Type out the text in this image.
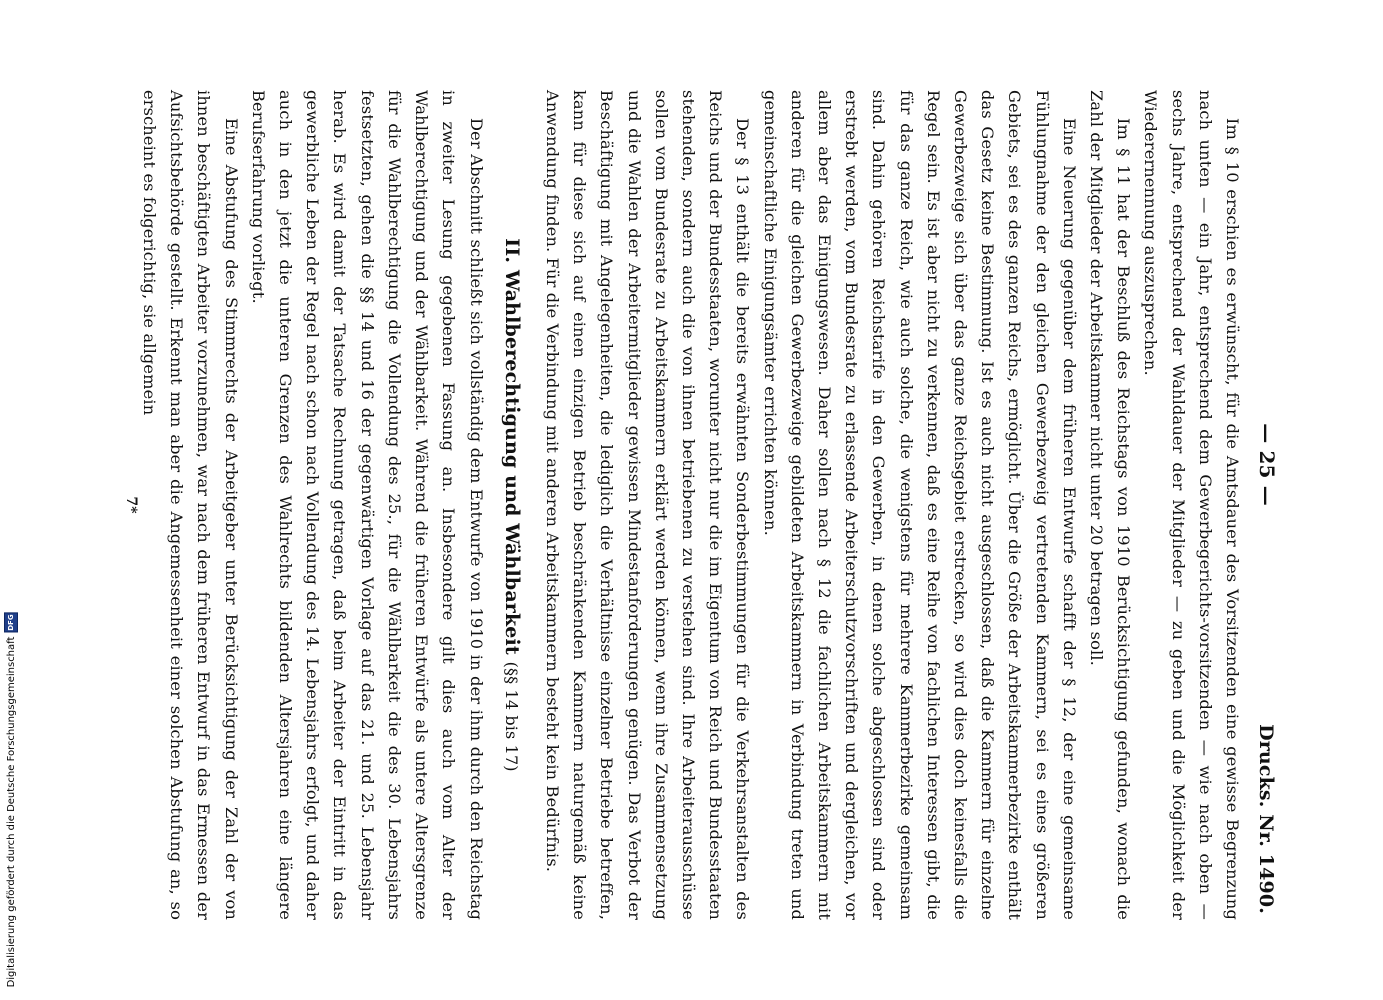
Digitalisierung gefördert durch die Deutsche Forschungsgemeinschaft
DFG
— 25 —
Drucks. Nr. 1490.

Im § 10 erschien es erwünscht, für die Amtsdauer des Vorsitzenden eine gewisse Begrenzung nach unten — ein Jahr, entsprechend dem Gewerbegerichts-vorsitzenden — wie nach oben — sechs Jahre, entsprechend der Wahldauer der Mitglieder — zu geben und die Möglichkeit der Wiederernennung auszusprechen.

Im § 11 hat der Beschluß des Reichstags von 1910 Berücksichtigung gefunden, wonach die Zahl der Mitglieder der Arbeitskammer nicht unter 20 betragen soll.

Eine Neuerung gegenüber dem früheren Entwurfe schafft der § 12, der eine gemeinsame Fühlungnahme der den gleichen Gewerbezweig vertretenden Kammern, sei es eines größeren Gebiets, sei es des ganzen Reichs, ermöglicht. Über die Größe der Arbeitskammerbezirke enthält das Gesetz keine Bestimmung. Ist es auch nicht ausgeschlossen, daß die Kammern für einzelne Gewerbezweige sich über das ganze Reichsgebiet erstrecken, so wird dies doch keinesfalls die Regel sein. Es ist aber nicht zu verkennen, daß es eine Reihe von fachlichen Interessen gibt, die für das ganze Reich, wie auch solche, die wenigstens für mehrere Kammerbezirke gemeinsam sind. Dahin gehören Reichstarife in den Gewerben, in denen solche abgeschlossen sind oder erstrebt werden, vom Bundesrate zu erlassende Arbeiterschutzvorschriften und dergleichen, vor allem aber das Einigungswesen. Daher sollen nach § 12 die fachlichen Arbeitskammern mit anderen für die gleichen Gewerbezweige gebildeten Arbeitskammern in Verbindung treten und gemeinschaftliche Einigungsämter errichten können.

Der § 13 enthält die bereits erwähnten Sonderbestimmungen für die Verkehrsanstalten des Reichs und der Bundesstaaten, worunter nicht nur die im Eigentum von Reich und Bundesstaaten stehenden, sondern auch die von ihnen betriebenen zu verstehen sind. Ihre Arbeiterausschüsse sollen vom Bundesrate zu Arbeitskammern erklärt werden können, wenn ihre Zusammensetzung und die Wahlen der Arbeitermitglieder gewissen Mindestanforderungen genügen. Das Verbot der Beschäftigung mit Angelegenheiten, die lediglich die Verhältnisse einzelner Betriebe betreffen, kann für diese sich auf einen einzigen Betrieb beschränkenden Kammern naturgemäß keine Anwendung finden. Für die Verbindung mit anderen Arbeitskammern besteht kein Bedürfnis.

II. Wahlberechtigung und Wählbarkeit (§§ 14 bis 17)

Der Abschnitt schließt sich vollständig dem Entwurfe von 1910 in der ihm durch den Reichstag in zweiter Lesung gegebenen Fassung an. Insbesondere gilt dies auch vom Alter der Wahlberechtigung und der Wählbarkeit. Während die früheren Entwürfe als untere Altersgrenze für die Wahlberechtigung die Vollendung des 25., für die Wählbarkeit die des 30. Lebensjahrs festsetzten, gehen die §§ 14 und 16 der gegenwärtigen Vorlage auf das 21. und 25. Lebensjahr herab. Es wird damit der Tatsache Rechnung getragen, daß beim Arbeiter der Eintritt in das gewerbliche Leben der Regel nach schon nach Vollendung des 14. Lebensjahrs erfolgt, und daher auch in den jetzt die unteren Grenzen des Wahlrechts bildenden Altersjahren eine längere Berufserfahrung vorliegt.

Eine Abstufung des Stimmrechts der Arbeitgeber unter Berücksichtigung der Zahl der von ihnen beschäftigten Arbeiter vorzunehmen, war nach dem früheren Entwurf in das Ermessen der Aufsichtsbehörde gestellt. Erkennt man aber die Angemessenheit einer solchen Abstufung an, so erscheint es folgerichtig, sie allgemein

7*
